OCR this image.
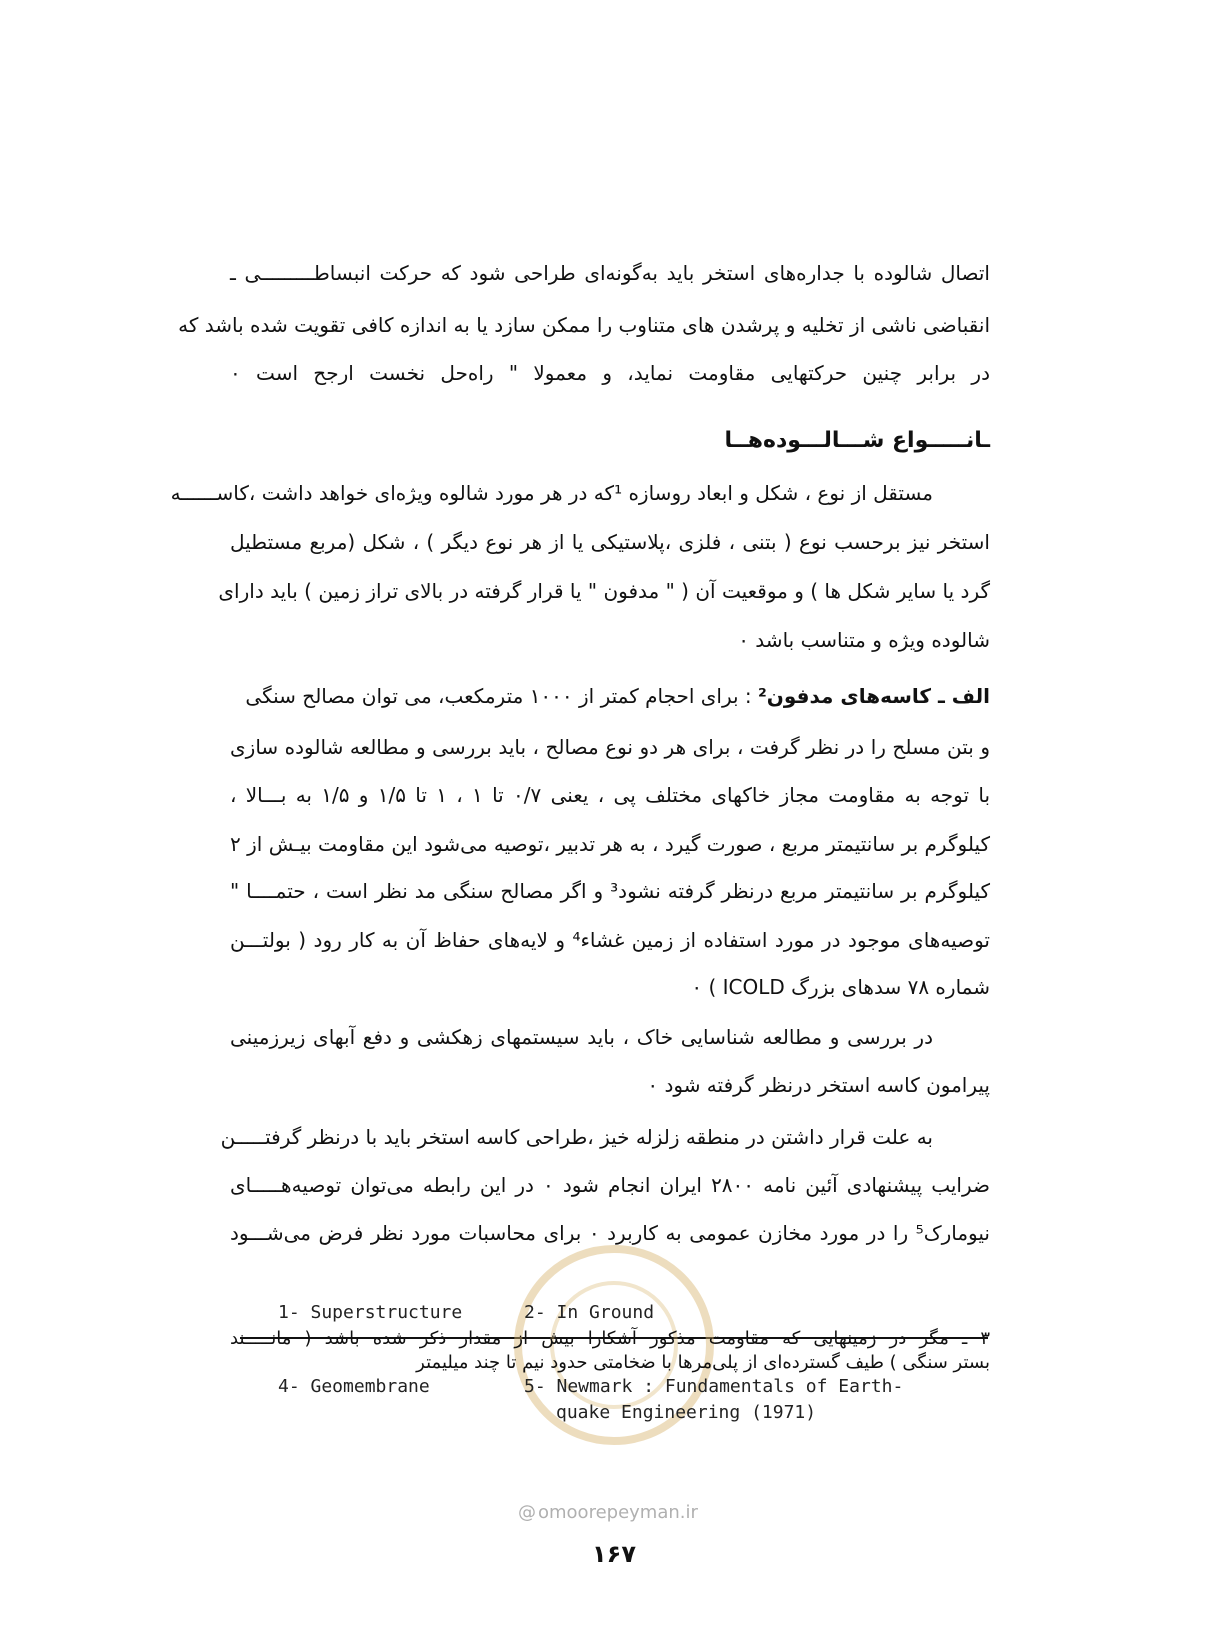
اتصال شالوده با جداره‌های استخر باید به‌گونه‌ای طراحی شود که حرکت انبساطـــــــــی ـ
انقباضی ناشی از تخلیه و پرشدن های متناوب را ممکن سازد یا به اندازه کافی تقویت شده باشد که
در برابر چنین حرکتهایی مقاومت نماید، و معمولا " راه‌حل نخست ارجح است ٠
ـانـــــواع شـــالـــوده‌هــا
مستقل از نوع ، شکل و ابعاد روسازه ¹که در هر مورد شالوه ویژه‌ای خواهد داشت ،کاســــــه
استخر نیز برحسب نوع ( بتنی ، فلزی ،پلاستیکی یا از هر نوع دیگر ) ، شکل (مربع مستطیل
گرد یا سایر شکل ها ) و موقعیت آن ( " مدفون " یا قرار گرفته در بالای تراز زمین ) باید دارای
شالوده ویژه و متناسب باشد ٠
الف ـ کاسه‌های مدفون² : برای احجام کمتر از ۱۰۰۰ مترمکعب، می توان مصالح سنگی
و بتن مسلح را در نظر گرفت ، برای هر دو نوع مصالح ، باید بررسی و مطالعه شالوده سازی
با توجه به مقاومت مجاز خاکهای مختلف پی ، یعنی ۰/۷ تا ۱ ، ۱ تا ۱/۵ و ۱/۵ به بـــالا ،
کیلوگرم بر سانتیمتر مربع ، صورت گیرد ، به هر تدبیر ،توصیه می‌شود این مقاومت بیـش از ۲
کیلوگرم بر سانتیمتر مربع درنظر گرفته نشود³ و اگر مصالح سنگی مد نظر است ، حتمــــا "
توصیه‌های موجود در مورد استفاده از زمین غشاء⁴ و لایه‌های حفاظ آن به کار رود ( بولتـــن
شماره ۷۸ سدهای بزرگ ICOLD ) ٠
در بررسی و مطالعه شناسایی خاک ، باید سیستمهای زهکشی و دفع آبهای زیرزمینی
پیرامون کاسه استخر درنظر گرفته شود ٠
به علت قرار داشتن در منطقه زلزله خیز ،طراحی کاسه استخر باید با درنظر گرفتـــــن
ضرایب پیشنهادی آئین نامه ۲۸۰۰ ایران انجام شود ٠ در این رابطه می‌توان توصیه‌هـــــای
نیومارک⁵ را در مورد مخازن عمومی به کاربرد ٠ برای محاسبات مورد نظر فرض می‌شـــود
1- Superstructure	2- In Ground
۳ ـ مگر در زمینهایی که مقاومت مذکور آشکارا بیش از مقدار ذکر شده باشد ( مانـــــند
بستر سنگی ) طیف گسترده‌ای از پلی‌مرها با ضخامتی حدود نیم تا چند میلیمتر
4- Geomembrane	5- Newmark : Fundamentals of Earth-
quake Engineering (1971)
@ omoorepeyman.ir
۱۶۷
